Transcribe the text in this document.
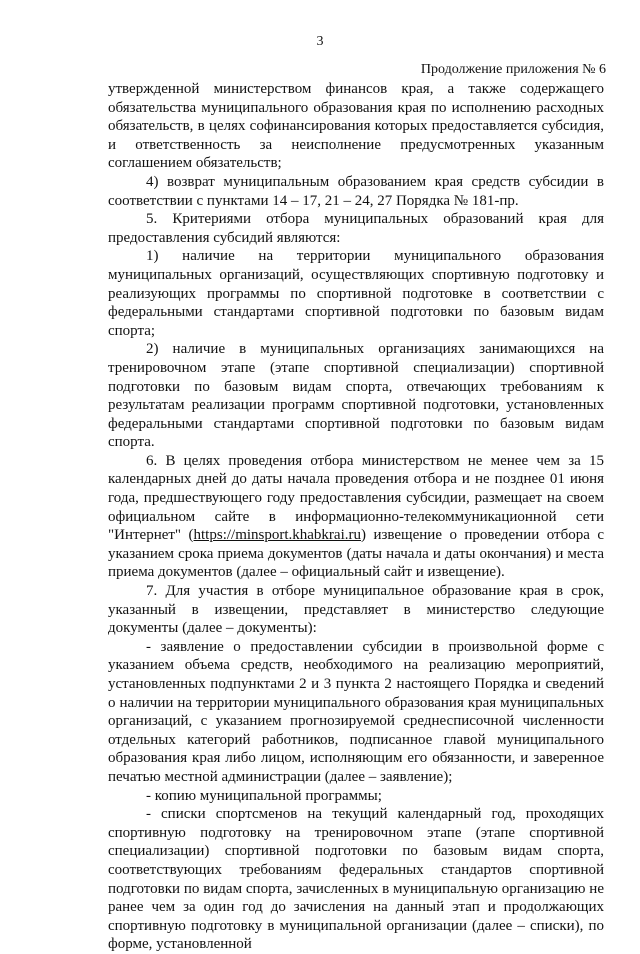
3
Продолжение приложения № 6

утвержденной министерством финансов края, а также содержащего обязательства муниципального образования края по исполнению расходных обязательств, в целях софинансирования которых предоставляется субсидия, и ответственность за неисполнение предусмотренных указанным соглашением обязательств;

4) возврат муниципальным образованием края средств субсидии в соответствии с пунктами 14 – 17, 21 – 24, 27 Порядка № 181-пр.

5. Критериями отбора муниципальных образований края для предоставления субсидий являются:

1) наличие на территории муниципального образования муниципальных организаций, осуществляющих спортивную подготовку и реализующих программы по спортивной подготовке в соответствии с федеральными стандартами спортивной подготовки по базовым видам спорта;

2) наличие в муниципальных организациях занимающихся на тренировочном этапе (этапе спортивной специализации) спортивной подготовки по базовым видам спорта, отвечающих требованиям к результатам реализации программ спортивной подготовки, установленных федеральными стандартами спортивной подготовки по базовым видам спорта.

6. В целях проведения отбора министерством не менее чем за 15 календарных дней до даты начала проведения отбора и не позднее 01 июня года, предшествующего году предоставления субсидии, размещает на своем официальном сайте в информационно-телекоммуникационной сети "Интернет" (https://minsport.khabkrai.ru) извещение о проведении отбора с указанием срока приема документов (даты начала и даты окончания) и места приема документов (далее – официальный сайт и извещение).

7. Для участия в отборе муниципальное образование края в срок, указанный в извещении, представляет в министерство следующие документы (далее – документы):

- заявление о предоставлении субсидии в произвольной форме с указанием объема средств, необходимого на реализацию мероприятий, установленных подпунктами 2 и 3 пункта 2 настоящего Порядка и сведений о наличии на территории муниципального образования края муниципальных организаций, с указанием прогнозируемой среднесписочной численности отдельных категорий работников, подписанное главой муниципального образования края либо лицом, исполняющим его обязанности, и заверенное печатью местной администрации (далее – заявление);

- копию муниципальной программы;

- списки спортсменов на текущий календарный год, проходящих спортивную подготовку на тренировочном этапе (этапе спортивной специализации) спортивной подготовки по базовым видам спорта, соответствующих требованиям федеральных стандартов спортивной подготовки по видам спорта, зачисленных в муниципальную организацию не ранее чем за один год до зачисления на данный этап и продолжающих спортивную подготовку в муниципальной организации (далее – списки), по форме, установленной
